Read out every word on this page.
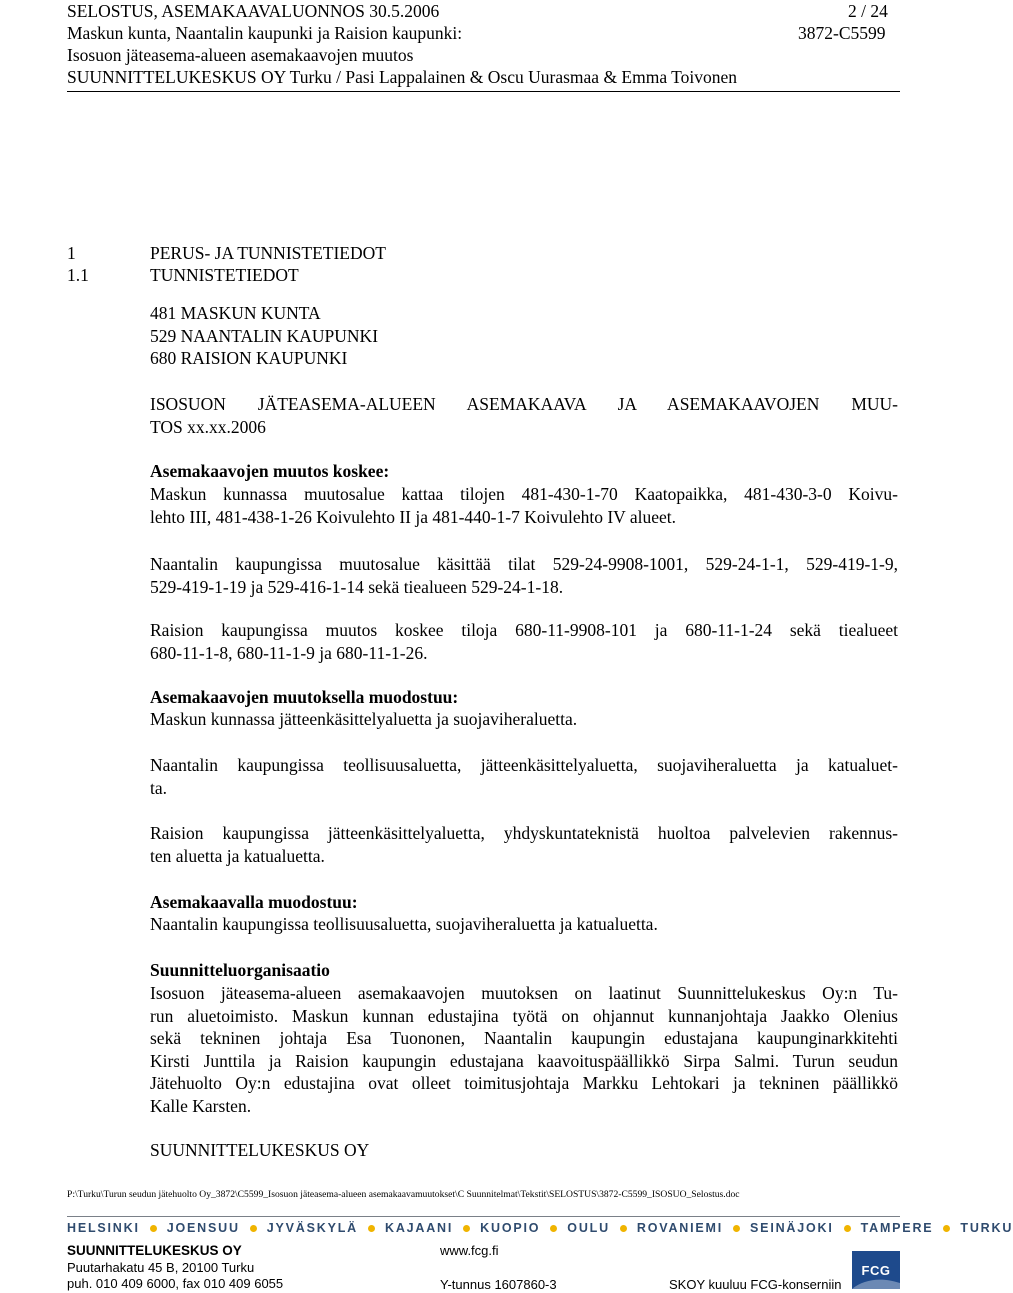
SELOSTUS, ASEMAKAAVALUONNOS 30.5.2006	2 / 24
Maskun kunta, Naantalin kaupunki ja Raision kaupunki:	3872-C5599
Isosuon jäteasema-alueen asemakaavojen muutos
SUUNNITTELUKESKUS OY Turku / Pasi Lappalainen & Oscu Uurasmaa & Emma Toivonen
1	PERUS- JA TUNNISTETIEDOT
1.1	TUNNISTETIEDOT
481 MASKUN KUNTA
529 NAANTALIN KAUPUNKI
680 RAISION KAUPUNKI
ISOSUON JÄTEASEMA-ALUEEN ASEMAKAAVA JA ASEMAKAAVOJEN MUU-
TOS xx.xx.2006
Asemakaavojen muutos koskee:
Maskun kunnassa muutosalue kattaa tilojen 481-430-1-70 Kaatopaikka, 481-430-3-0 Koivu-
lehto III, 481-438-1-26 Koivulehto II ja 481-440-1-7 Koivulehto IV alueet.
Naantalin kaupungissa muutosalue käsittää tilat 529-24-9908-1001, 529-24-1-1, 529-419-1-9,
529-419-1-19 ja 529-416-1-14 sekä tiealueen 529-24-1-18.
Raision kaupungissa muutos koskee tiloja 680-11-9908-101 ja 680-11-1-24 sekä tiealueet
680-11-1-8, 680-11-1-9 ja 680-11-1-26.
Asemakaavojen muutoksella muodostuu:
Maskun kunnassa jätteenkäsittelyaluetta ja suojaviheraluetta.
Naantalin kaupungissa teollisuusaluetta, jätteenkäsittelyaluetta, suojaviheraluetta ja katualuet-
ta.
Raision kaupungissa jätteenkäsittelyaluetta, yhdyskuntateknistä huoltoa palvelevien rakennus-
ten aluetta ja katualuetta.
Asemakaavalla muodostuu:
Naantalin kaupungissa teollisuusaluetta, suojaviheraluetta ja katualuetta.
Suunnitteluorganisaatio
Isosuon jäteasema-alueen asemakaavojen muutoksen on laatinut Suunnittelukeskus Oy:n Tu-
run aluetoimisto. Maskun kunnan edustajina työtä on ohjannut kunnanjohtaja Jaakko Olenius
sekä tekninen johtaja Esa Tuononen, Naantalin kaupungin edustajana kaupunginarkkitehti
Kirsti Junttila ja Raision kaupungin edustajana kaavoituspäällikkö Sirpa Salmi. Turun seudun
Jätehuolto Oy:n edustajina ovat olleet toimitusjohtaja Markku Lehtokari ja tekninen päällikkö
Kalle Karsten.
SUUNNITTELUKESKUS OY
P:\Turku\Turun seudun jätehuolto Oy_3872\C5599_Isosuon jäteasema-alueen asemakaavamuutokset\C Suunnitelmat\Tekstit\SELOSTUS\3872-C5599_ISOSUO_Selostus.doc
HELSINKI JOENSUU JYVÄSKYLÄ KAJAANI KUOPIO OULU ROVANIEMI SEINÄJOKI TAMPERE TURKU
SUUNNITTELUKESKUS OY
Puutarhakatu 45 B, 20100 Turku
puh. 010 409 6000, fax 010 409 6055
www.fcg.fi
Y-tunnus 1607860-3	SKOY kuuluu FCG-konserniin
FCG
